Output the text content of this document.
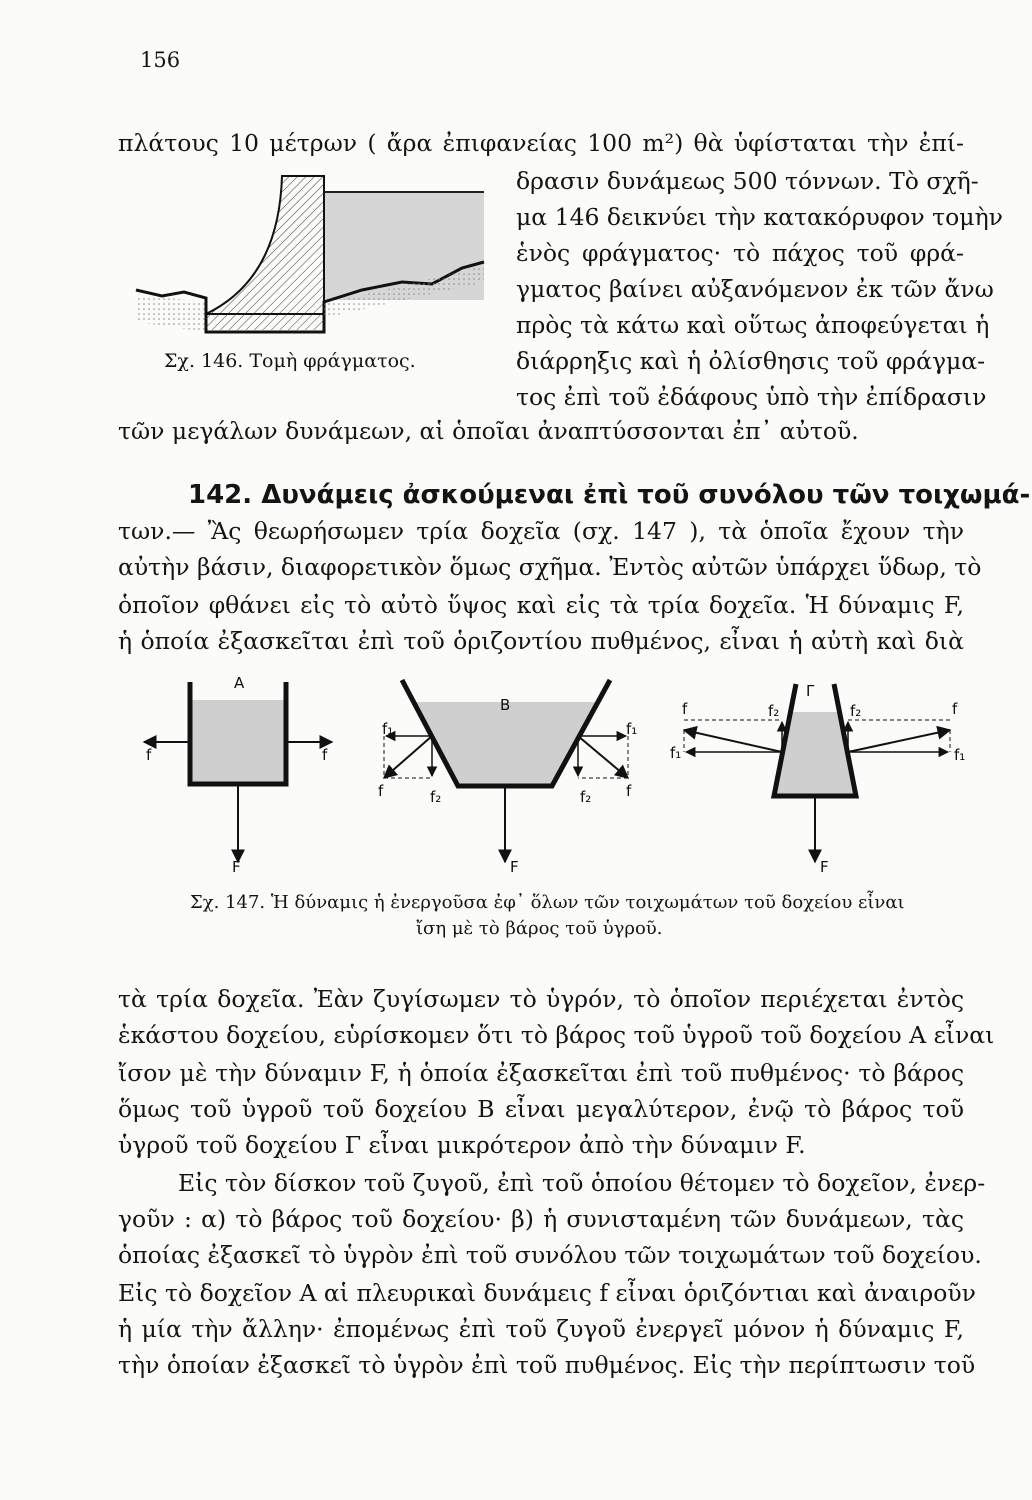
156
πλάτους 10 μέτρων ( ἄρα ἐπιφανείας 100 m²) θὰ ὑφίσταται τὴν ἐπί-
δρασιν δυνάμεως 500 τόννων. Τὸ σχῆ-
μα 146 δεικνύει τὴν κατακόρυφον τομὴν
ἑνὸς φράγματος· τὸ πάχος τοῦ φρά-
γματος βαίνει αὐξανόμενον ἐκ τῶν ἄνω
πρὸς τὰ κάτω καὶ οὕτως ἀποφεύγεται ἡ
διάρρηξις καὶ ἡ ὀλίσθησις τοῦ φράγμα-
τος ἐπὶ τοῦ ἐδάφους ὑπὸ τὴν ἐπίδρασιν
τῶν μεγάλων δυνάμεων, αἱ ὁποῖαι ἀναπτύσσονται ἐπ᾽ αὐτοῦ.
Σχ. 146. Τομὴ φράγματος.
142. Δυνάμεις ἀσκούμεναι ἐπὶ τοῦ συνόλου τῶν τοιχωμά-
των.— Ἂς θεωρήσωμεν τρία δοχεῖα (σχ. 147 ), τὰ ὁποῖα ἔχουν τὴν
αὐτὴν βάσιν, διαφορετικὸν ὅμως σχῆμα. Ἐντὸς αὐτῶν ὑπάρχει ὕδωρ, τὸ
ὁποῖον φθάνει εἰς τὸ αὐτὸ ὕψος καὶ εἰς τὰ τρία δοχεῖα. Ἡ δύναμις F,
ἡ ὁποία ἐξασκεῖται ἐπὶ τοῦ ὁριζοντίου πυθμένος, εἶναι ἡ αὐτὴ καὶ διὰ
A
f	f
F
B
f₁
f	f₂
f₁
f
f₂
F
Γ
f
f₁
f₂	f₂	f
f₁
F
Σχ. 147. Ἡ δύναμις ἡ ἐνεργοῦσα ἐφ᾽ ὅλων τῶν τοιχωμάτων τοῦ δοχείου εἶναι
ἴση μὲ τὸ βάρος τοῦ ὑγροῦ.
τὰ τρία δοχεῖα. Ἐὰν ζυγίσωμεν τὸ ὑγρόν, τὸ ὁποῖον περιέχεται ἐντὸς
ἑκάστου δοχείου, εὑρίσκομεν ὅτι τὸ βάρος τοῦ ὑγροῦ τοῦ δοχείου A εἶναι
ἴσον μὲ τὴν δύναμιν F, ἡ ὁποία ἐξασκεῖται ἐπὶ τοῦ πυθμένος· τὸ βάρος
ὅμως τοῦ ὑγροῦ τοῦ δοχείου B εἶναι μεγαλύτερον, ἐνῷ τὸ βάρος τοῦ
ὑγροῦ τοῦ δοχείου Γ εἶναι μικρότερον ἀπὸ τὴν δύναμιν F.
Εἰς τὸν δίσκον τοῦ ζυγοῦ, ἐπὶ τοῦ ὁποίου θέτομεν τὸ δοχεῖον, ἐνερ-
γοῦν : α) τὸ βάρος τοῦ δοχείου· β) ἡ συνισταμένη τῶν δυνάμεων, τὰς
ὁποίας ἐξασκεῖ τὸ ὑγρὸν ἐπὶ τοῦ συνόλου τῶν τοιχωμάτων τοῦ δοχείου.
Εἰς τὸ δοχεῖον A αἱ πλευρικαὶ δυνάμεις f εἶναι ὁριζόντιαι καὶ ἀναιροῦν
ἡ μία τὴν ἄλλην· ἐπομένως ἐπὶ τοῦ ζυγοῦ ἐνεργεῖ μόνον ἡ δύναμις F,
τὴν ὁποίαν ἐξασκεῖ τὸ ὑγρὸν ἐπὶ τοῦ πυθμένος. Εἰς τὴν περίπτωσιν τοῦ
